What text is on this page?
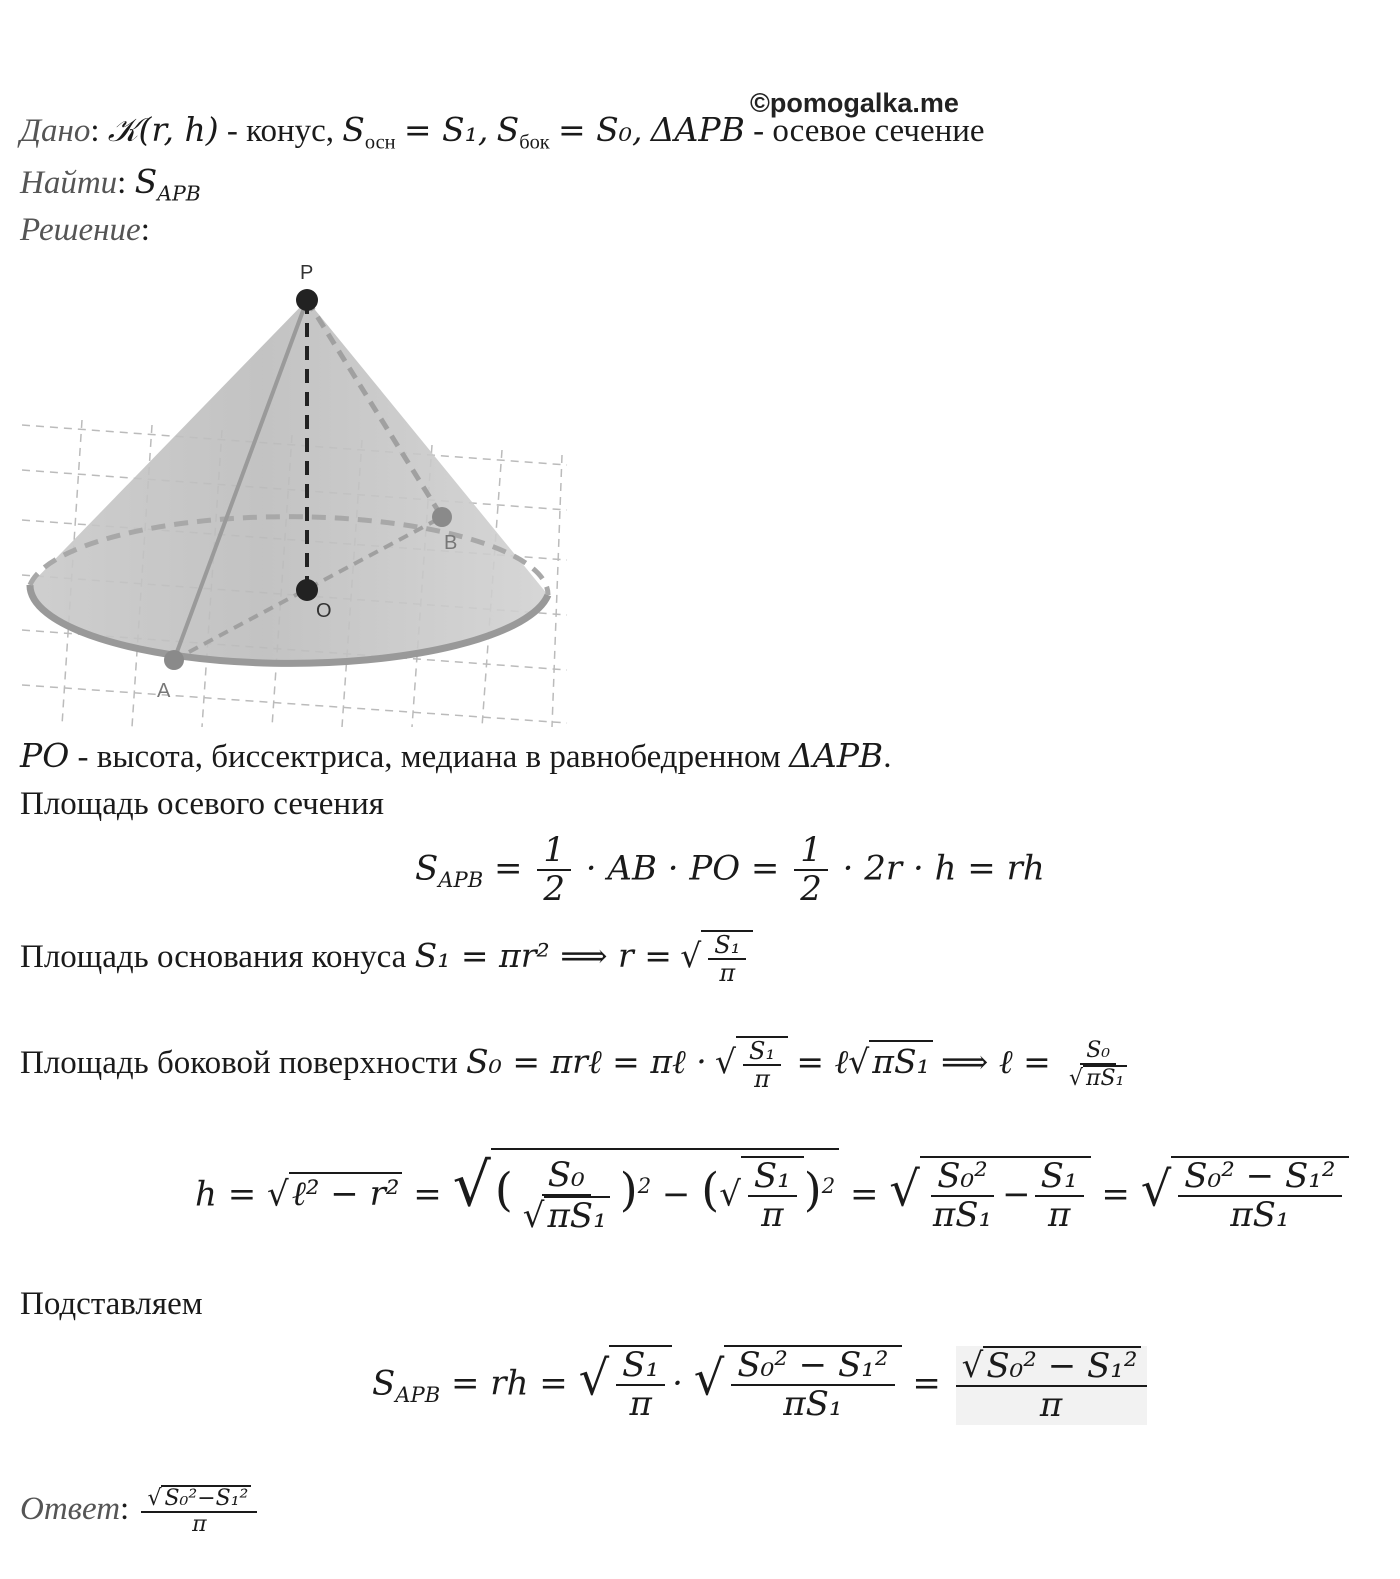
©pomogalka.me
Дано: 𝒦(r, h) - конус, $S_{осн} = S_1$, $S_{бок} = S_0$, ΔAPB - осевое сечение
Найти: $S_{APB}$
Решение:
P
O
B
A
PO - высота, биссектриса, медиана в равнобедренном ΔAPB.
Площадь осевого сечения
$S_{APB} = \frac{1}{2}$ · AB · PO = $\frac{1}{2} \cdot 2r \cdot h$ = rh
Площадь основания конуса S₁ = πr² ⟹ r = √ $\frac{\text{S₁}}{\pi}$
Площадь боковой поверхности S₀ = πrℓ = πℓ · √ $\frac{\text{S₁}}{\pi}$ = ℓ√πS₁ ⟹ ℓ = $\frac{\text{S₀}}{\text{√ πS₁}}$
h = √ℓ² − r² = √( $\frac{\text{S₀}}{\text{√πS₁}} )^2$ − (√ $\frac{\text{S₁}}{\pi} )^2$ = √ $\frac{\text{S₀²}}{\text{πS₁}} - \frac{\text{S₁}}{\pi}$ = √ $\frac{\text{S₀² − S₁²}}{\text{πS₁}}$
Подставляем
$S_{APB}$ = rh = √ $\frac{\text{S₁}}{\pi}$ · √ $\frac{\text{S₀² − S₁²}}{\text{πS₁}} = \frac{\text{√S₀² − S₁²}}{\pi}$
Ответ: $\frac{\text{√ S₀²−S₁²}}{\pi}$
